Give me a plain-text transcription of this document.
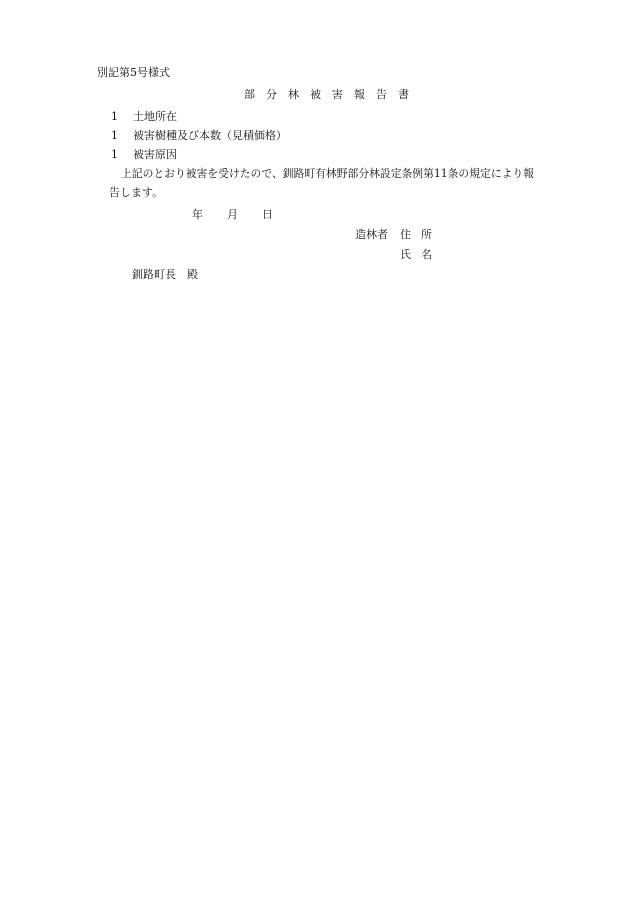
別記第5号様式
部分林被害報告書
1 土地所在
1 被害樹種及び本数（見積価格）
1 被害原因
上記のとおり被害を受けたので、釧路町有林野部分林設定条例第11条の規定により報
告します。
年 月 日
造林者 住所
氏名
釧路町長 殿
